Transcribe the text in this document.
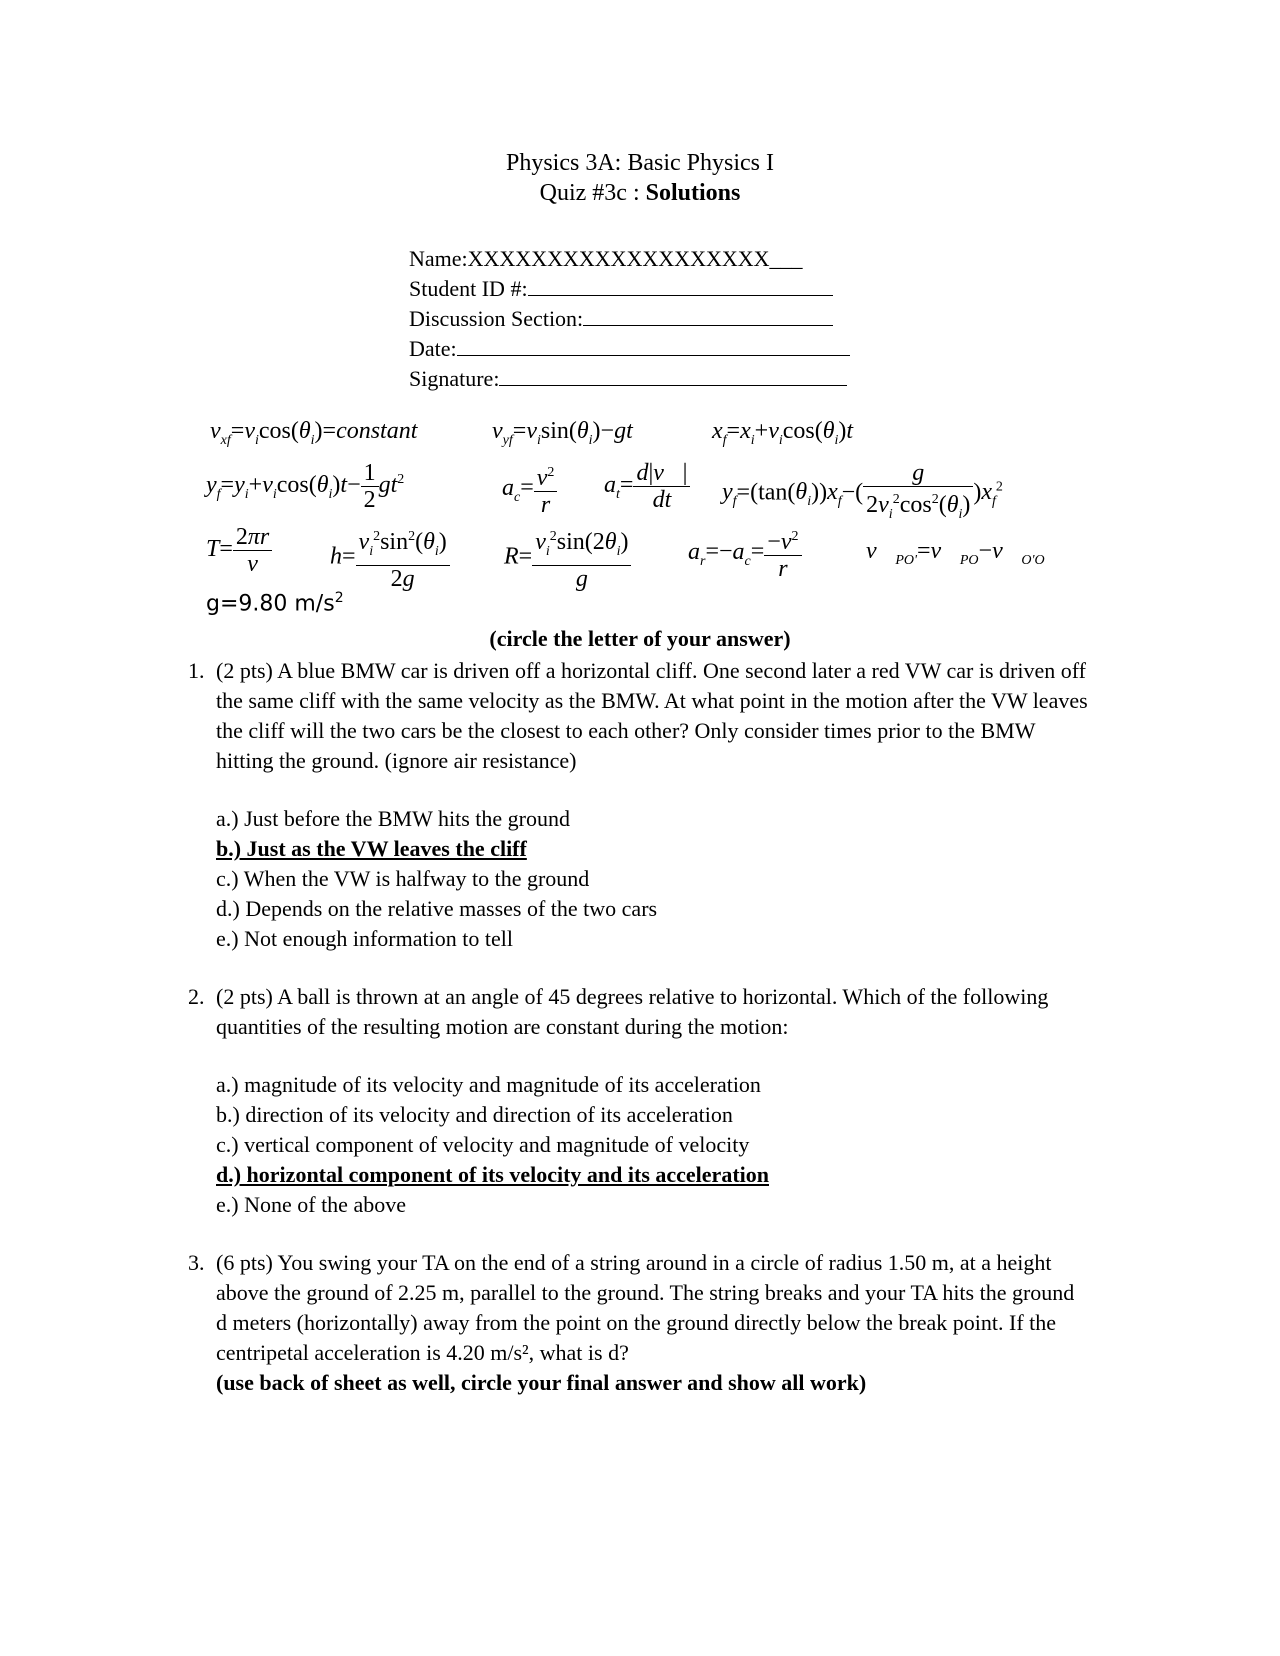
Physics 3A: Basic Physics I
Quiz #3c : Solutions
Name:XXXXXXXXXXXXXXXXXXX___
Student ID #:
Discussion Section:
Date:
Signature:
$v_{xf}=v_i\cos(\theta_i)=constant$	$v_{yf}=v_i\sin(\theta_i)-gt$	$x_f=x_i+v_i\cos(\theta_i)t$
$y_f=y_i+v_i\cos(\theta_i)t- \frac{1}{2} gt^2$	$a_c= \frac{v^2}{r} a_t= \frac{d|v⃗|}{dt} y_f=(\tan(\theta_i))x_f-( \frac{g}{2v_i^2\cos^2(\theta_i)} )x_f^2$
$T= \frac{2\pi r}{v} h= \frac{v_i^2\sin^2(\theta_i)}{2g} R= \frac{v_i^2\sin(2\theta_i)}{g} a_r=-a_c= \frac{-v^2}{r}$	$v⃗_{PO'}=v⃗_{PO}-v⃗_{O'O}$
g=9.80 $m/s^2$
(circle the letter of your answer)
1. (2 pts) A blue BMW car is driven off a horizontal cliff. One second later a red VW car is driven off the same cliff with the same velocity as the BMW. At what point in the motion after the VW leaves the cliff will the two cars be the closest to each other? Only consider times prior to the BMW hitting the ground. (ignore air resistance)
a.) Just before the BMW hits the ground
b.) Just as the VW leaves the cliff
c.) When the VW is halfway to the ground
d.) Depends on the relative masses of the two cars
e.) Not enough information to tell
2. (2 pts) A ball is thrown at an angle of 45 degrees relative to horizontal. Which of the following quantities of the resulting motion are constant during the motion:
a.) magnitude of its velocity and magnitude of its acceleration
b.) direction of its velocity and direction of its acceleration
c.) vertical component of velocity and magnitude of velocity
d.) horizontal component of its velocity and its acceleration
e.) None of the above
3. (6 pts) You swing your TA on the end of a string around in a circle of radius 1.50 m, at a height above the ground of 2.25 m, parallel to the ground. The string breaks and your TA hits the ground d meters (horizontally) away from the point on the ground directly below the break point. If the centripetal acceleration is 4.20 m/s², what is d?
(use back of sheet as well, circle your final answer and show all work)
